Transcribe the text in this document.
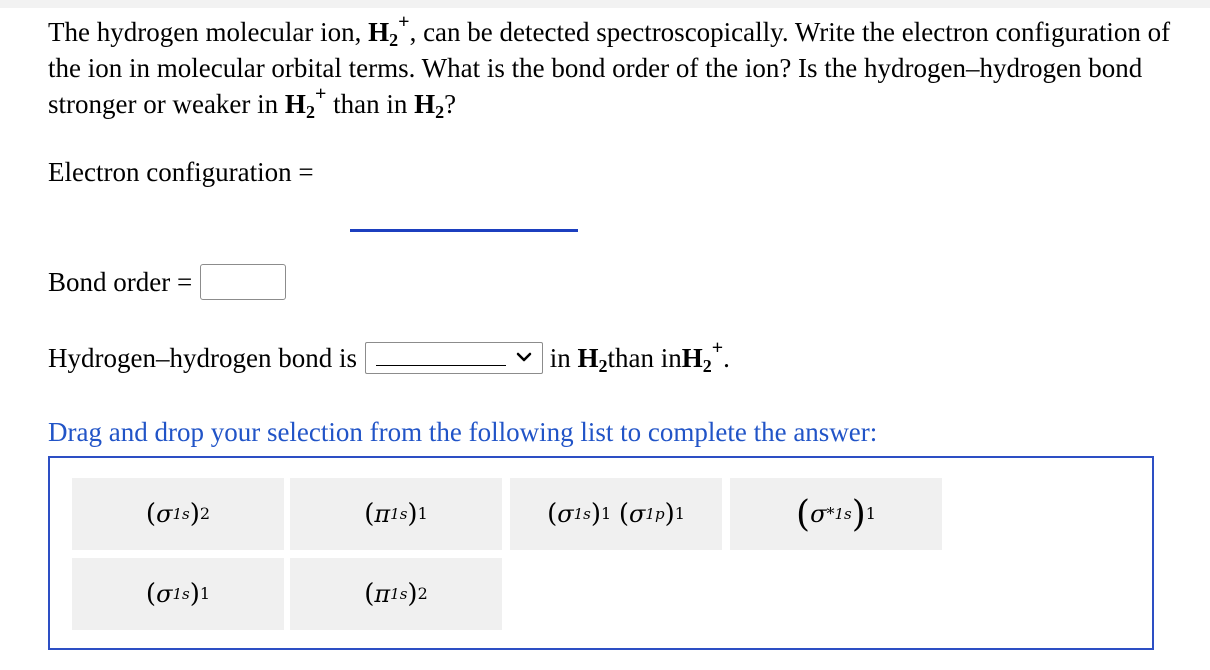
The hydrogen molecular ion, $H_2^+$, can be detected spectroscopically. Write the electron configuration of the ion in molecular orbital terms. What is the bond order of the ion? Is the hydrogen–hydrogen bond stronger or weaker in $H_2^+$ than in $H_2$?
Electron configuration
=
Bond order
=
Hydrogen–hydrogen bond is
	in
$H_2$ than in $H_2^+$ .
Drag and drop your selection from the following list to complete the answer:
( σ 1s ) 2	( π 1s ) 1	( σ 1s ) 1
( σ 1p ) 1	( σ * 1s ) 1
( σ 1s ) 1	( π 1s ) 2
